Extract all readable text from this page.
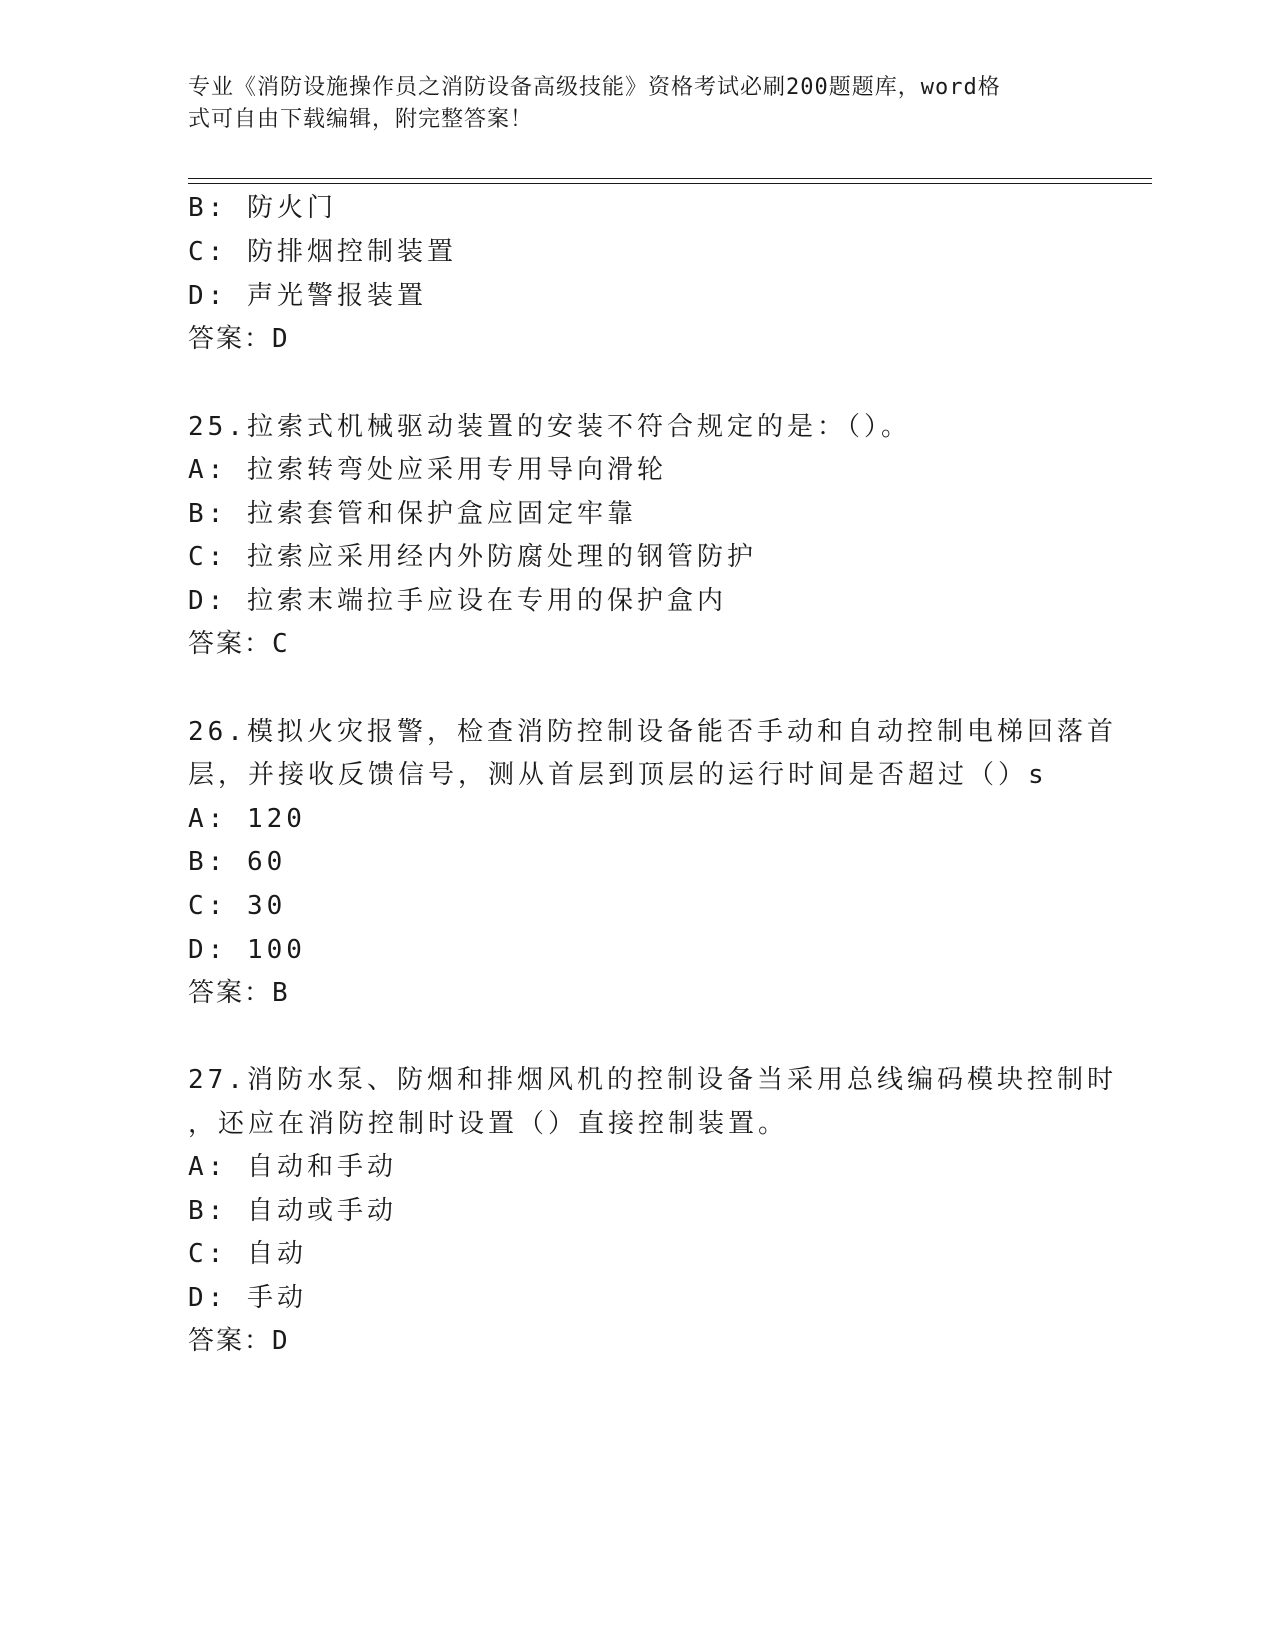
专业《消防设施操作员之消防设备高级技能》资格考试必刷200题题库，word格
式可自由下载编辑，附完整答案！
B: 防火门
C: 防排烟控制装置
D: 声光警报装置
答案：D
25.拉索式机械驱动装置的安装不符合规定的是：（）。
A: 拉索转弯处应采用专用导向滑轮
B: 拉索套管和保护盒应固定牢靠
C: 拉索应采用经内外防腐处理的钢管防护
D: 拉索末端拉手应设在专用的保护盒内
答案：C
26.模拟火灾报警，检查消防控制设备能否手动和自动控制电梯回落首
层，并接收反馈信号，测从首层到顶层的运行时间是否超过（）s
A: 120
B: 60
C: 30
D: 100
答案：B
27.消防水泵、防烟和排烟风机的控制设备当采用总线编码模块控制时
，还应在消防控制时设置（）直接控制装置。
A: 自动和手动
B: 自动或手动
C: 自动
D: 手动
答案：D
